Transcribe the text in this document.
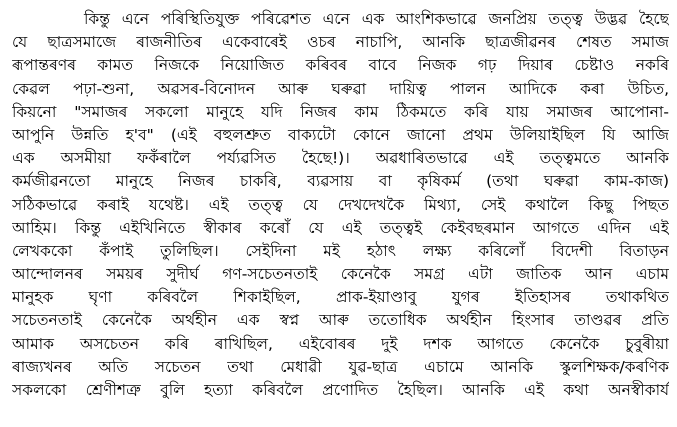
কিন্তু এনে পৰিস্থিতিযুক্ত পৰিৱেশত এনে এক আংশিকভাৱে জনপ্ৰিয় তত্ত্ব উদ্ভৱ হৈছে
যে ছাত্ৰসমাজে ৰাজনীতিৰ একেবাৰেই ওচৰ নাচাপি, আনকি ছাত্ৰজীৱনৰ শেষত সমাজ
ৰূপান্তৰণৰ কামত নিজকে নিয়োজিত কৰিবৰ বাবে নিজক গঢ় দিয়াৰ চেষ্টাও নকৰি
কেৱল পঢ়া-শুনা, অৱসৰ-বিনোদন আৰু ঘৰুৱা দায়িত্ব পালন আদিকে কৰা উচিত,
কিয়নো "সমাজৰ সকলো মানুহে যদি নিজৰ কাম ঠিকমতে কৰি যায় সমাজৰ আপোনা-
আপুনি উন্নতি হ'ব" (এই বহুলশ্ৰুত বাক্যটো কোনে জানো প্ৰথম উলিয়াইছিল যি আজি
এক অসমীয়া ফকঁৰালৈ পৰ্য্যৱসিত হৈছে!)। অৱধাৰিতভাৱে এই তত্ত্বমতে আনকি
কৰ্মজীৱনতো মানুহে নিজৰ চাকৰি, ব্যৱসায় বা কৃষিকৰ্ম (তথা ঘৰুৱা কাম-কাজ)
সঠিকভাৱে কৰাই যথেষ্ট। এই তত্ত্ব যে দেখদেখকৈ মিথ্যা, সেই কথালৈ কিছু পিছত
আহিম। কিন্তু এইখিনিতে স্বীকাৰ কৰোঁ যে এই তত্ত্বই কেইবছৰমান আগতে এদিন এই
লেখককো কঁপাই তুলিছিল। সেইদিনা মই হঠাৎ লক্ষ্য কৰিলোঁ বিদেশী বিতাড়ন
আন্দোলনৰ সময়ৰ সুদীৰ্ঘ গণ-সচেতনতাই কেনেকৈ সমগ্ৰ এটা জাতিক আন এচাম
মানুহক ঘৃণা কৰিবলৈ শিকাইছিল, প্ৰাক-ইয়াণ্ডাবু যুগৰ ইতিহাসৰ তথাকথিত
সচেতনতাই কেনেকৈ অৰ্থহীন এক স্বপ্ন আৰু ততোধিক অৰ্থহীন হিংসাৰ তাণ্ডৱৰ প্ৰতি
আমাক অসচেতন কৰি ৰাখিছিল, এইবোৰৰ দুই দশক আগতে কেনেকৈ চুবুৰীয়া
ৰাজ্যখনৰ অতি সচেতন তথা মেধাৱী যুৱ-ছাত্ৰ এচামে আনকি স্কুলশিক্ষক/কৰণিক
সকলকো শ্ৰেণীশত্ৰু বুলি হত্যা কৰিবলৈ প্ৰণোদিত হৈছিল। আনকি এই কথা অনস্বীকাৰ্য
